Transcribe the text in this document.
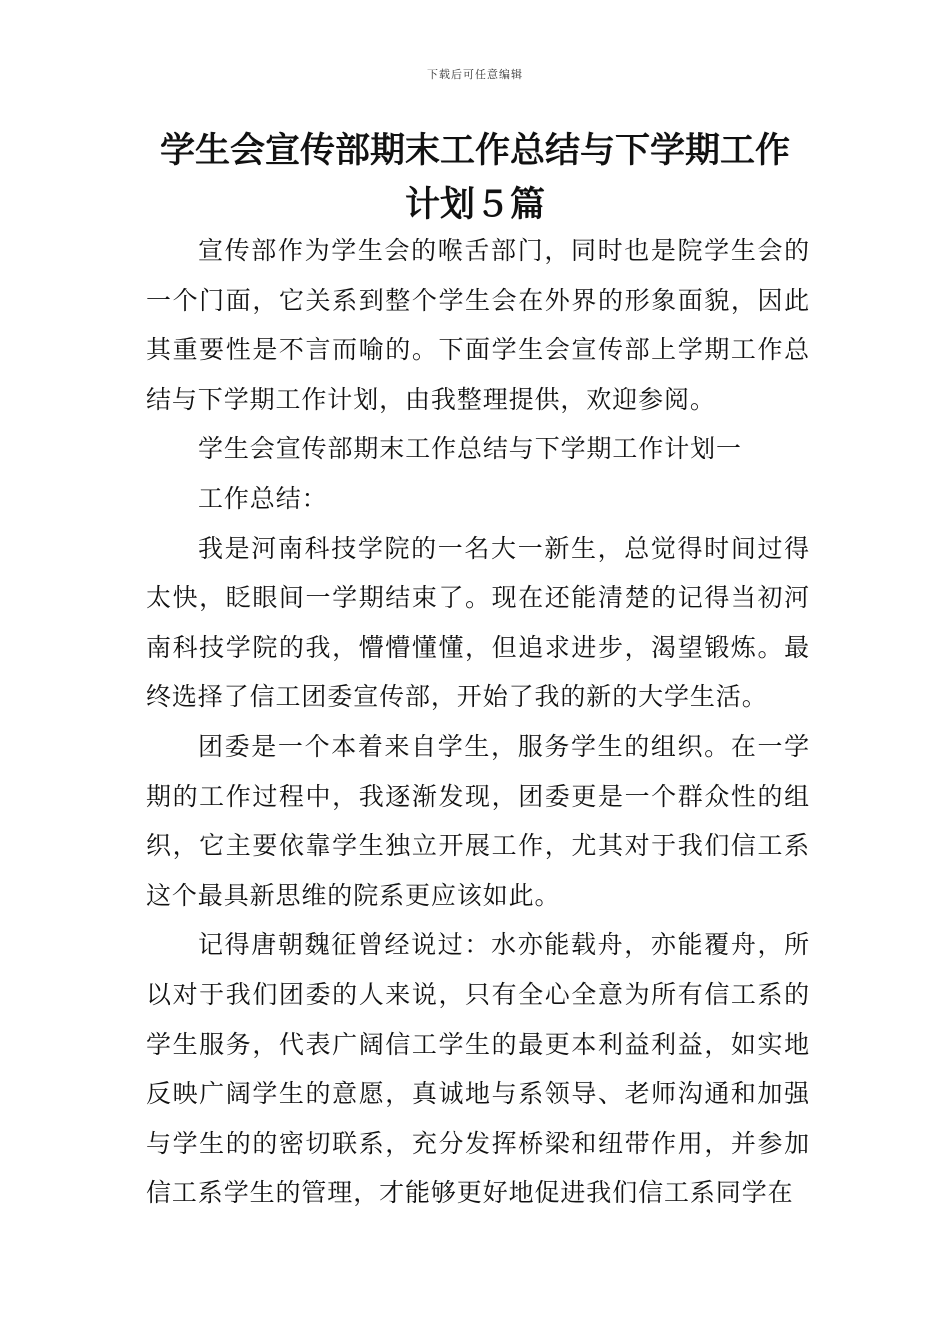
下载后可任意编辑
学生会宣传部期末工作总结与下学期工作计划５篇

宣传部作为学生会的喉舌部门，同时也是院学生会的一个门面，它关系到整个学生会在外界的形象面貌，因此其重要性是不言而喻的。下面学生会宣传部上学期工作总结与下学期工作计划，由我整理提供，欢迎参阅。

学生会宣传部期末工作总结与下学期工作计划一

工作总结：

我是河南科技学院的一名大一新生，总觉得时间过得太快，眨眼间一学期结束了。现在还能清楚的记得当初河南科技学院的我，懵懵懂懂，但追求进步，渴望锻炼。最终选择了信工团委宣传部，开始了我的新的大学生活。

团委是一个本着来自学生，服务学生的组织。在一学期的工作过程中，我逐渐发现，团委更是一个群众性的组织，它主要依靠学生独立开展工作，尤其对于我们信工系这个最具新思维的院系更应该如此。

记得唐朝魏征曾经说过：水亦能载舟，亦能覆舟，所以对于我们团委的人来说，只有全心全意为所有信工系的学生服务，代表广阔信工学生的最更本利益利益，如实地反映广阔学生的意愿，真诚地与系领导、老师沟通和加强与学生的的密切联系，充分发挥桥梁和纽带作用，并参加信工系学生的管理，才能够更好地促进我们信工系同学在
